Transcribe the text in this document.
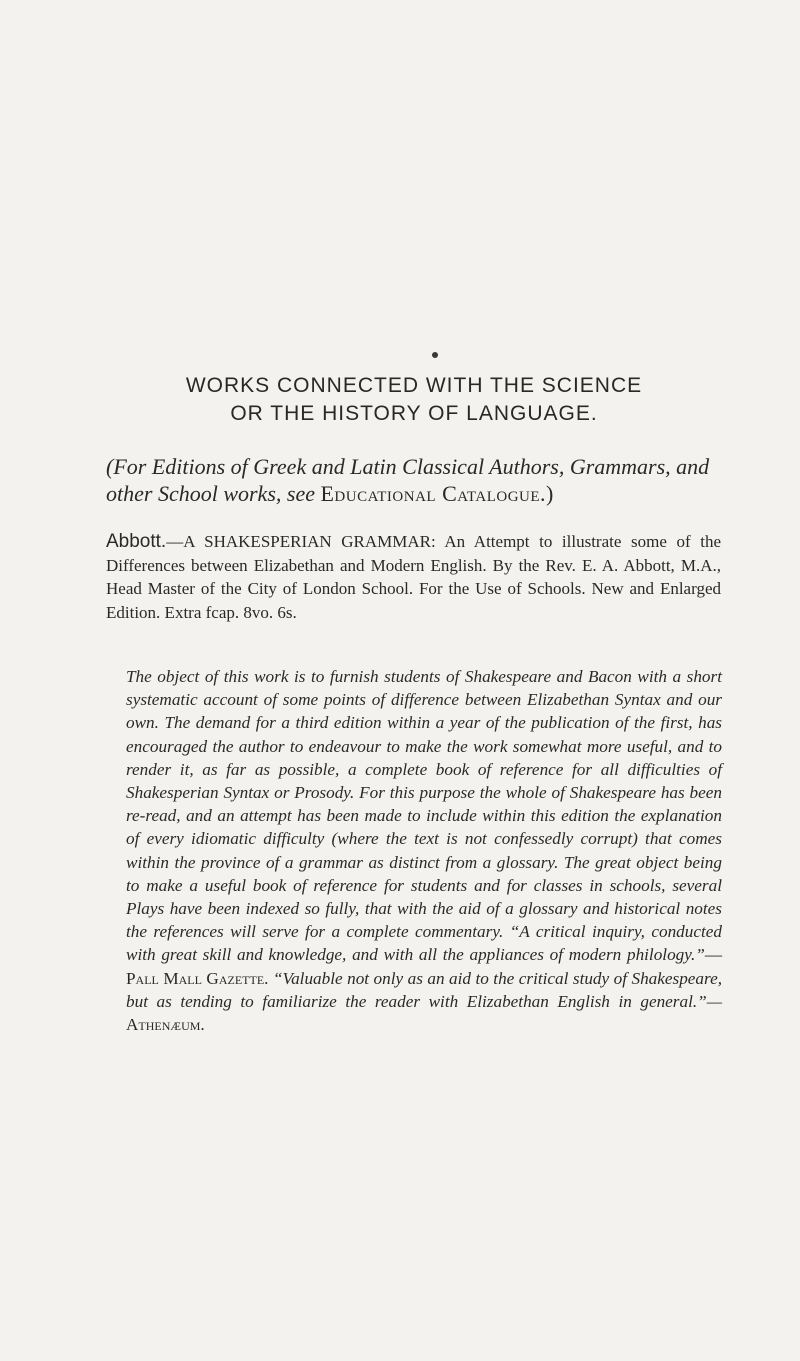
WORKS CONNECTED WITH THE SCIENCE
OR THE HISTORY OF LANGUAGE.
(For Editions of Greek and Latin Classical Authors, Grammars, and other School works, see Educational Catalogue.)
Abbott.—A SHAKESPERIAN GRAMMAR: An Attempt to illustrate some of the Differences between Elizabethan and Modern English. By the Rev. E. A. Abbott, M.A., Head Master of the City of London School. For the Use of Schools. New and Enlarged Edition. Extra fcap. 8vo. 6s.
The object of this work is to furnish students of Shakespeare and Bacon with a short systematic account of some points of difference between Elizabethan Syntax and our own. The demand for a third edition within a year of the publication of the first, has encouraged the author to endeavour to make the work somewhat more useful, and to render it, as far as possible, a complete book of reference for all difficulties of Shakesperian Syntax or Prosody. For this purpose the whole of Shakespeare has been re-read, and an attempt has been made to include within this edition the explanation of every idiomatic difficulty (where the text is not confessedly corrupt) that comes within the province of a grammar as distinct from a glossary. The great object being to make a useful book of reference for students and for classes in schools, several Plays have been indexed so fully, that with the aid of a glossary and historical notes the references will serve for a complete commentary. “A critical inquiry, conducted with great skill and knowledge, and with all the appliances of modern philology.”—Pall Mall Gazette. “Valuable not only as an aid to the critical study of Shakespeare, but as tending to familiarize the reader with Elizabethan English in general.”—Athenæum.
